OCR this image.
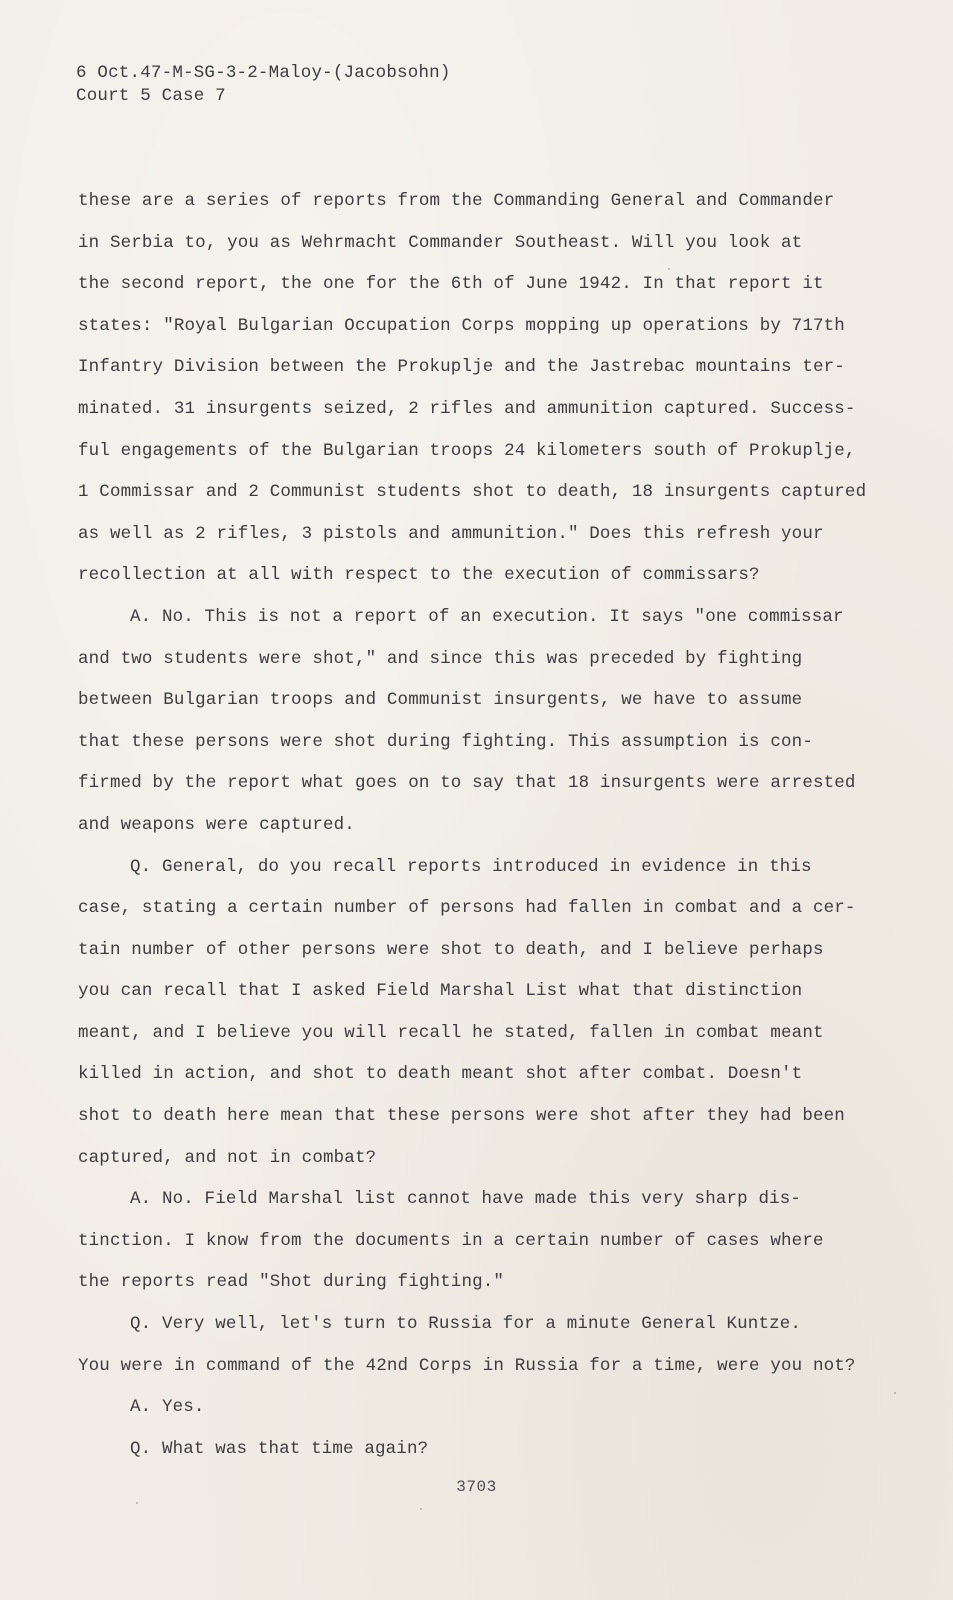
6 Oct.47-M-SG-3-2-Maloy-(Jacobsohn)
Court 5 Case 7
these are a series of reports from the Commanding General and Commander
in Serbia to, you as Wehrmacht Commander Southeast. Will you look at
the second report, the one for the 6th of June 1942. In that report it
states: "Royal Bulgarian Occupation Corps mopping up operations by 717th
Infantry Division between the Prokuplje and the Jastrebac mountains ter-
minated. 31 insurgents seized, 2 rifles and ammunition captured. Success-
ful engagements of the Bulgarian troops 24 kilometers south of Prokuplje,
1 Commissar and 2 Communist students shot to death, 18 insurgents captured
as well as 2 rifles, 3 pistols and ammunition." Does this refresh your
recollection at all with respect to the execution of commissars?
A. No. This is not a report of an execution. It says "one commissar
and two students were shot," and since this was preceded by fighting
between Bulgarian troops and Communist insurgents, we have to assume
that these persons were shot during fighting. This assumption is con-
firmed by the report what goes on to say that 18 insurgents were arrested
and weapons were captured.
Q. General, do you recall reports introduced in evidence in this
case, stating a certain number of persons had fallen in combat and a cer-
tain number of other persons were shot to death, and I believe perhaps
you can recall that I asked Field Marshal List what that distinction
meant, and I believe you will recall he stated, fallen in combat meant
killed in action, and shot to death meant shot after combat. Doesn't
shot to death here mean that these persons were shot after they had been
captured, and not in combat?
A. No. Field Marshal list cannot have made this very sharp dis-
tinction. I know from the documents in a certain number of cases where
the reports read "Shot during fighting."
Q. Very well, let's turn to Russia for a minute General Kuntze.
You were in command of the 42nd Corps in Russia for a time, were you not?
A. Yes.
Q. What was that time again?
3703
